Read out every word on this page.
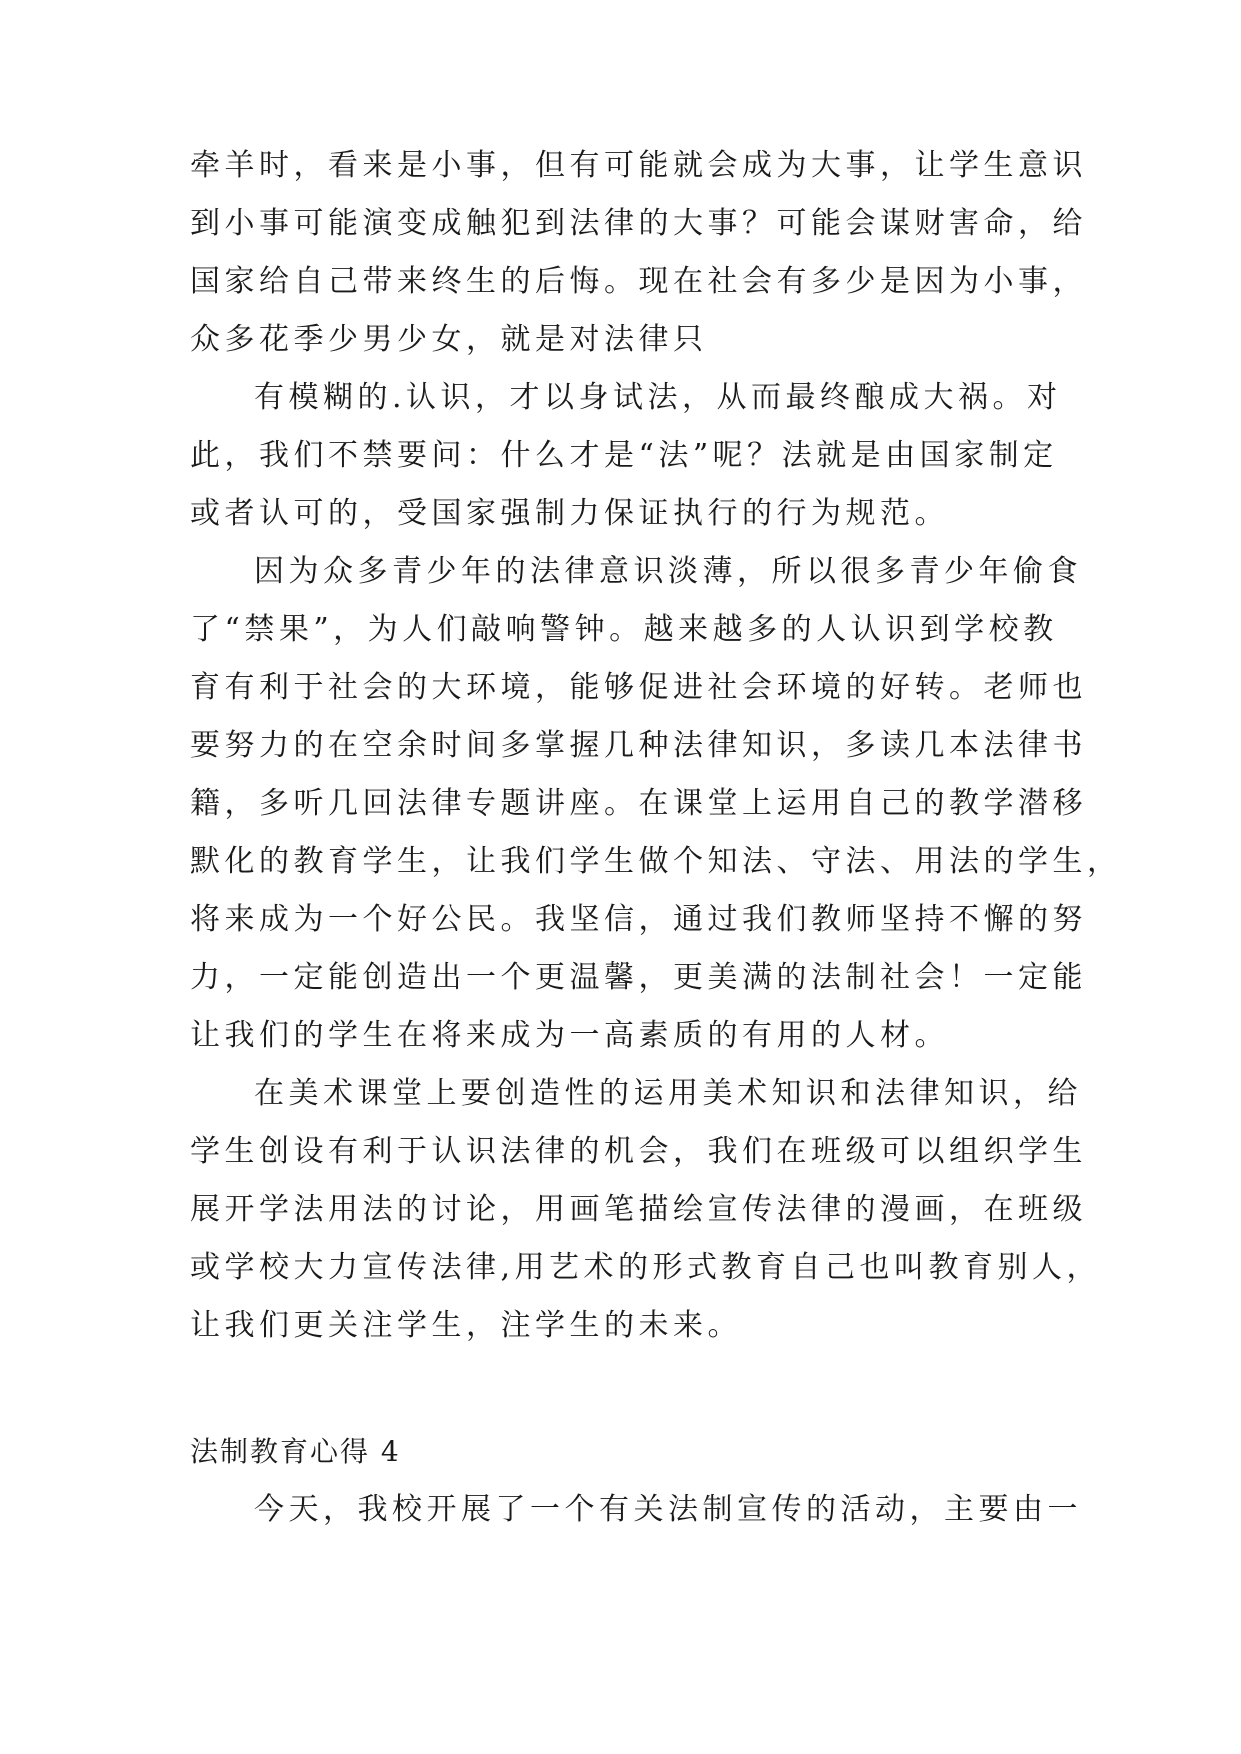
牵羊时，看来是小事，但有可能就会成为大事，让学生意识
到小事可能演变成触犯到法律的大事？可能会谋财害命，给
国家给自己带来终生的后悔。现在社会有多少是因为小事，
众多花季少男少女，就是对法律只
有模糊的.认识，才以身试法，从而最终酿成大祸。对
此，我们不禁要问：什么才是“法”呢？法就是由国家制定
或者认可的，受国家强制力保证执行的行为规范。
因为众多青少年的法律意识淡薄，所以很多青少年偷食
了“禁果”，为人们敲响警钟。越来越多的人认识到学校教
育有利于社会的大环境，能够促进社会环境的好转。老师也
要努力的在空余时间多掌握几种法律知识，多读几本法律书
籍，多听几回法律专题讲座。在课堂上运用自己的教学潜移
默化的教育学生，让我们学生做个知法、守法、用法的学生，
将来成为一个好公民。我坚信，通过我们教师坚持不懈的努
力，一定能创造出一个更温馨，更美满的法制社会！一定能
让我们的学生在将来成为一高素质的有用的人材。
在美术课堂上要创造性的运用美术知识和法律知识，给
学生创设有利于认识法律的机会，我们在班级可以组织学生
展开学法用法的讨论，用画笔描绘宣传法律的漫画，在班级
或学校大力宣传法律,用艺术的形式教育自己也叫教育别人，
让我们更关注学生，注学生的未来。
法制教育心得 4
今天，我校开展了一个有关法制宣传的活动，主要由一
